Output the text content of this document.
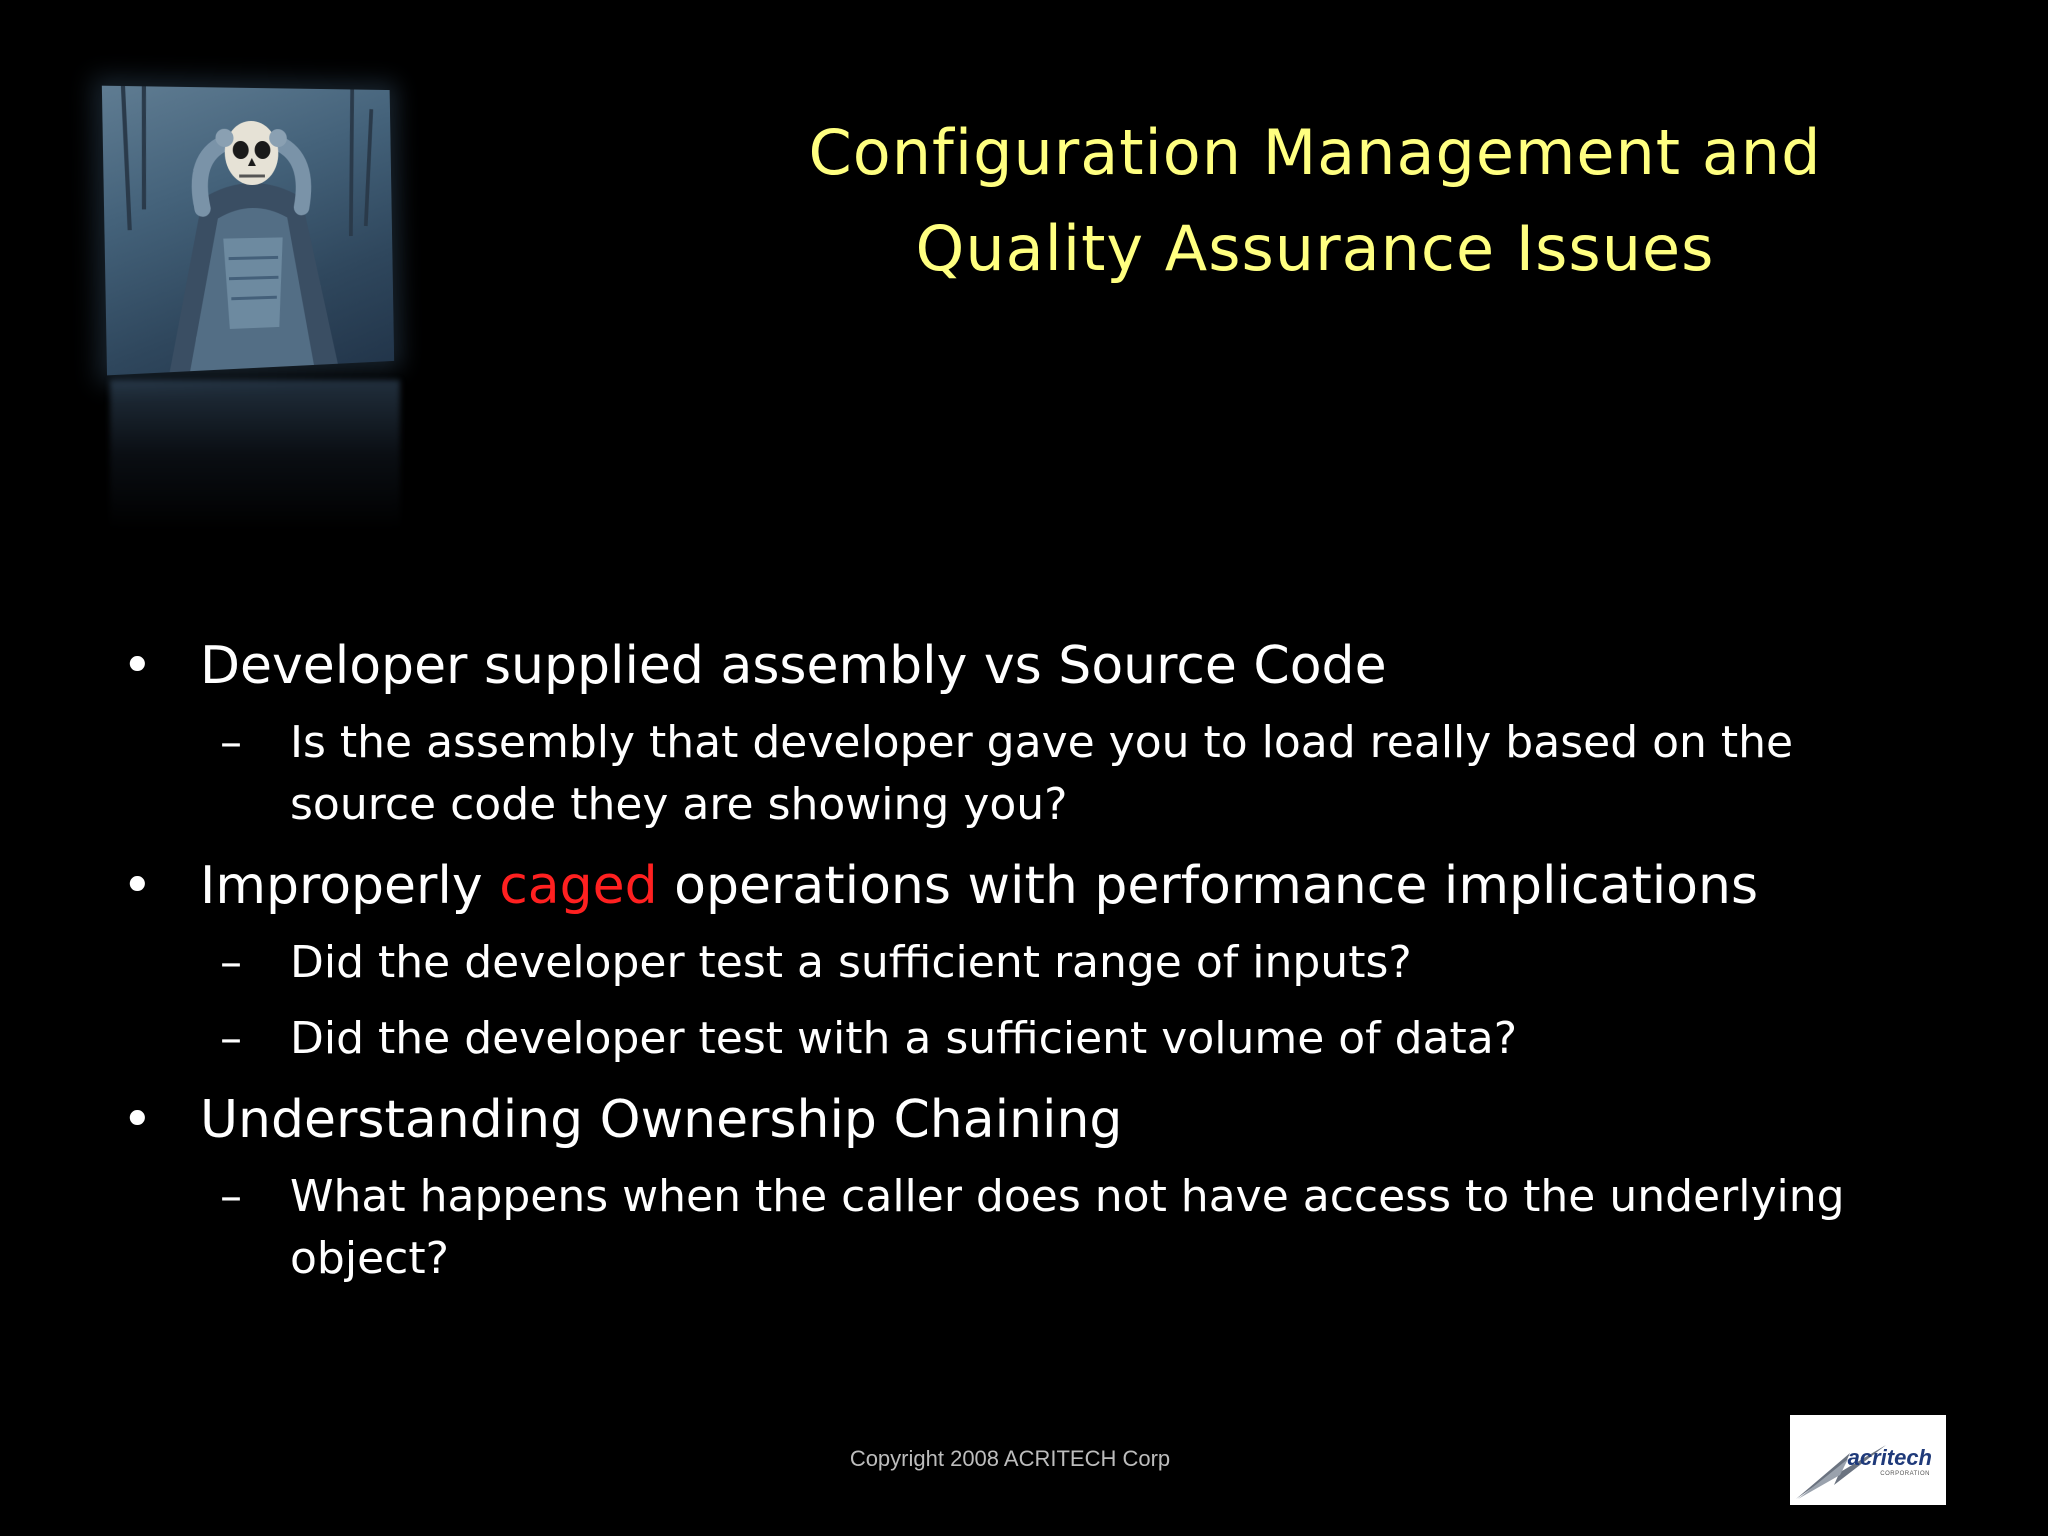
Configuration Management and
Quality Assurance Issues
• Developer supplied assembly vs Source Code
–	Is the assembly that developer gave you to load really based on the source code they are showing you?
• Improperly caged operations with performance implications
–	Did the developer test a sufficient range of inputs?
–	Did the developer test with a sufficient volume of data?
• Understanding Ownership Chaining
–	What happens when the caller does not have access to the underlying object?
Copyright 2008 ACRITECH Corp	acritech
CORPORATION
